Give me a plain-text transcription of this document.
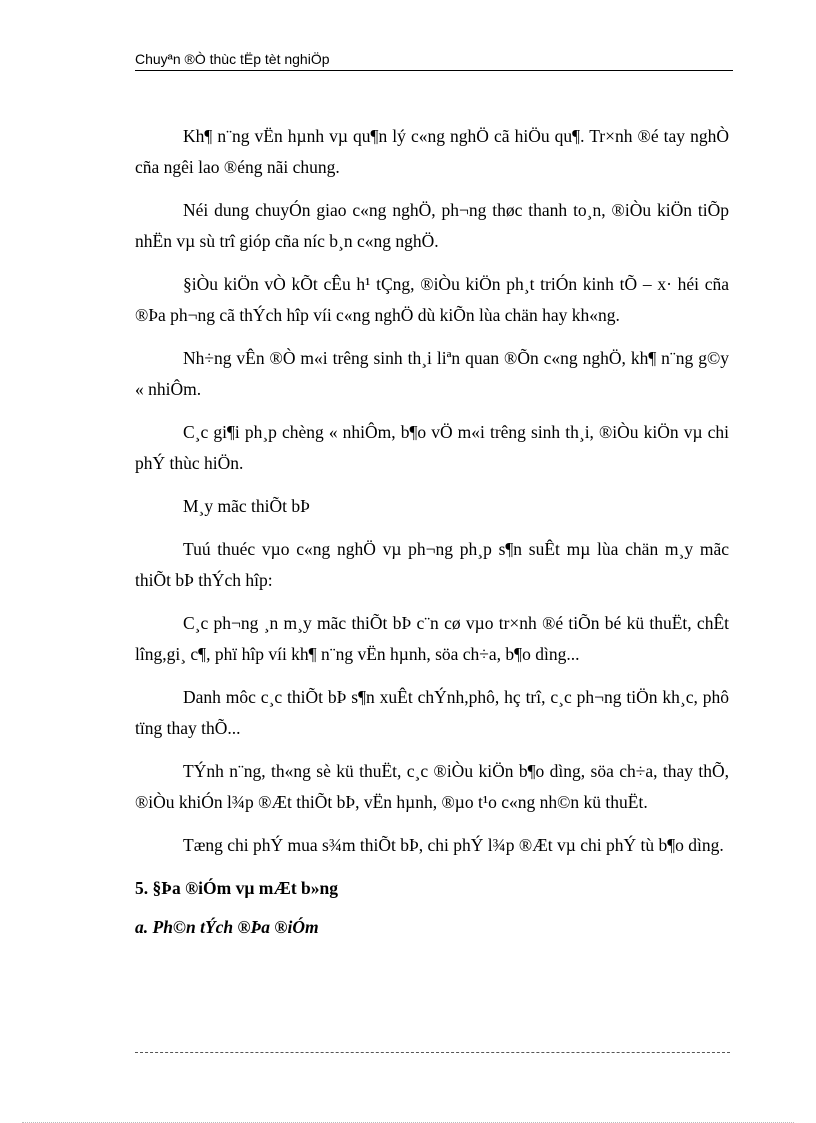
Chuyªn ®Ò thùc tËp tèt nghiÖp

Kh¶ n¨ng vËn hµnh vµ qu¶n lý c«ng nghÖ cã hiÖu qu¶. Tr×nh ®é tay nghÒ cña ngêi lao ®éng nãi chung.

Néi dung chuyÓn giao c«ng nghÖ, ph¬ng thøc thanh to¸n, ®iÒu kiÖn tiÕp nhËn vµ sù trî gióp cña níc b¸n c«ng nghÖ.

§iÒu kiÖn vÒ kÕt cÊu h¹ tÇng, ®iÒu kiÖn ph¸t triÓn kinh tÕ – x· héi cña ®Þa ph¬ng cã thÝch hîp víi c«ng nghÖ dù kiÕn lùa chän hay kh«ng.

Nh÷ng vÊn ®Ò m«i trêng sinh th¸i liªn quan ®Õn c«ng nghÖ, kh¶ n¨ng g©y « nhiÔm.

C¸c gi¶i ph¸p chèng « nhiÔm, b¶o vÖ m«i trêng sinh th¸i, ®iÒu kiÖn vµ chi phÝ thùc hiÖn.

M¸y mãc thiÕt bÞ

Tuú thuéc vµo c«ng nghÖ vµ ph¬ng ph¸p s¶n suÊt mµ lùa chän m¸y mãc thiÕt bÞ thÝch hîp:

C¸c ph¬ng ¸n m¸y mãc thiÕt bÞ c¨n cø vµo tr×nh ®é tiÕn bé kü thuËt, chÊt lîng,gi¸ c¶, phï hîp víi kh¶ n¨ng vËn hµnh, söa ch÷a, b¶o dìng...

Danh môc c¸c thiÕt bÞ s¶n xuÊt chÝnh,phô, hç trî, c¸c ph¬ng tiÖn kh¸c, phô tïng thay thÕ...

TÝnh n¨ng, th«ng sè kü thuËt, c¸c ®iÒu kiÖn b¶o dìng, söa ch÷a, thay thÕ, ®iÒu khiÓn l¾p ®Æt thiÕt bÞ, vËn hµnh, ®µo t¹o c«ng nh©n kü thuËt.

Tæng chi phÝ mua s¾m thiÕt bÞ, chi phÝ l¾p ®Æt vµ chi phÝ tù b¶o dìng.

5. §Þa ®iÓm vµ mÆt b»ng
a. Ph©n tÝch ®Þa ®iÓm
